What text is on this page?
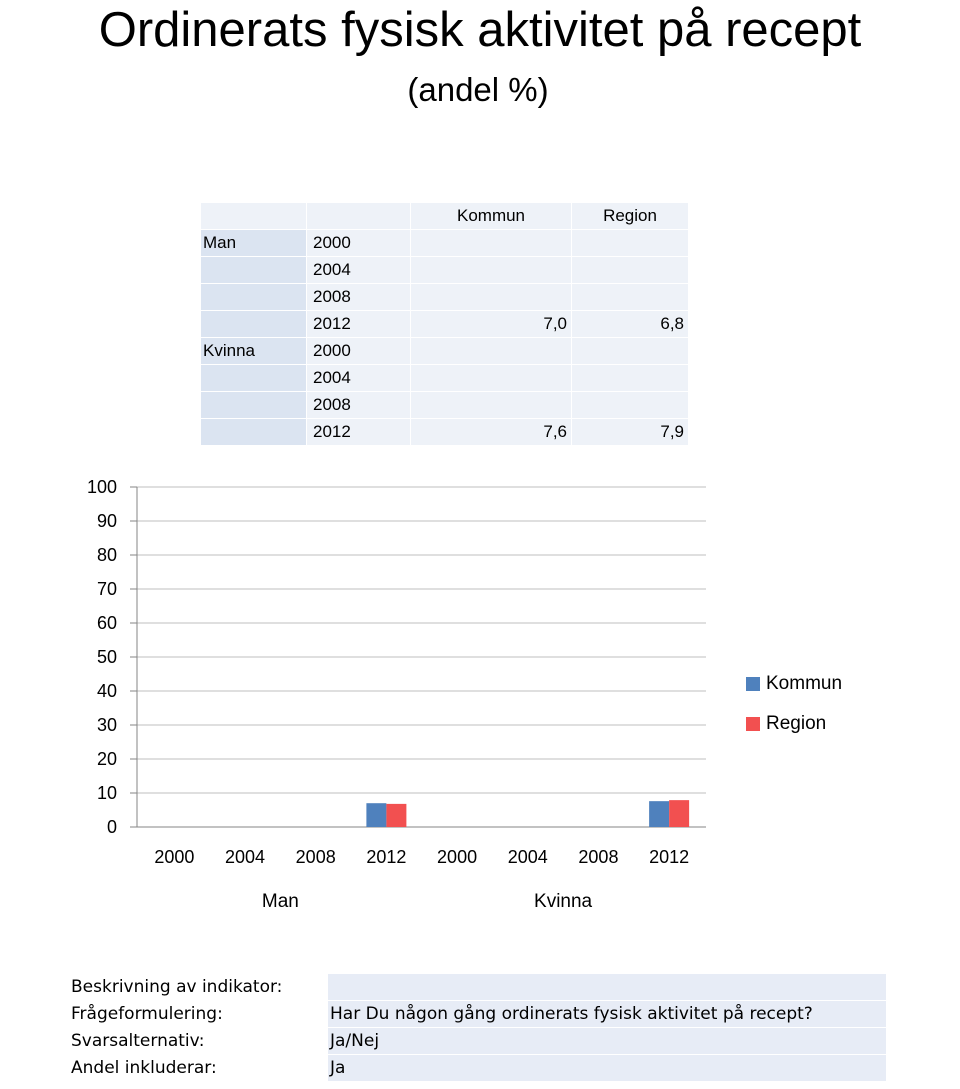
Ordinerats fysisk aktivitet på recept
(andel %)
		Kommun	Region
Man	2000		
	2004		
	2008		
	2012	7,0	6,8
Kvinna	2000		
	2004		
	2008		
	2012	7,6	7,9
0
10
20
30
40
50
60
70
80
90
100
2000 2004 2008 2012 2000 2004 2008 2012
Man	Kvinna
Kommun
Region
Beskrivning av indikator:	
Frågeformulering:	Har Du någon gång ordinerats fysisk aktivitet på recept?
Svarsalternativ:	Ja/Nej
Andel inkluderar:	Ja
